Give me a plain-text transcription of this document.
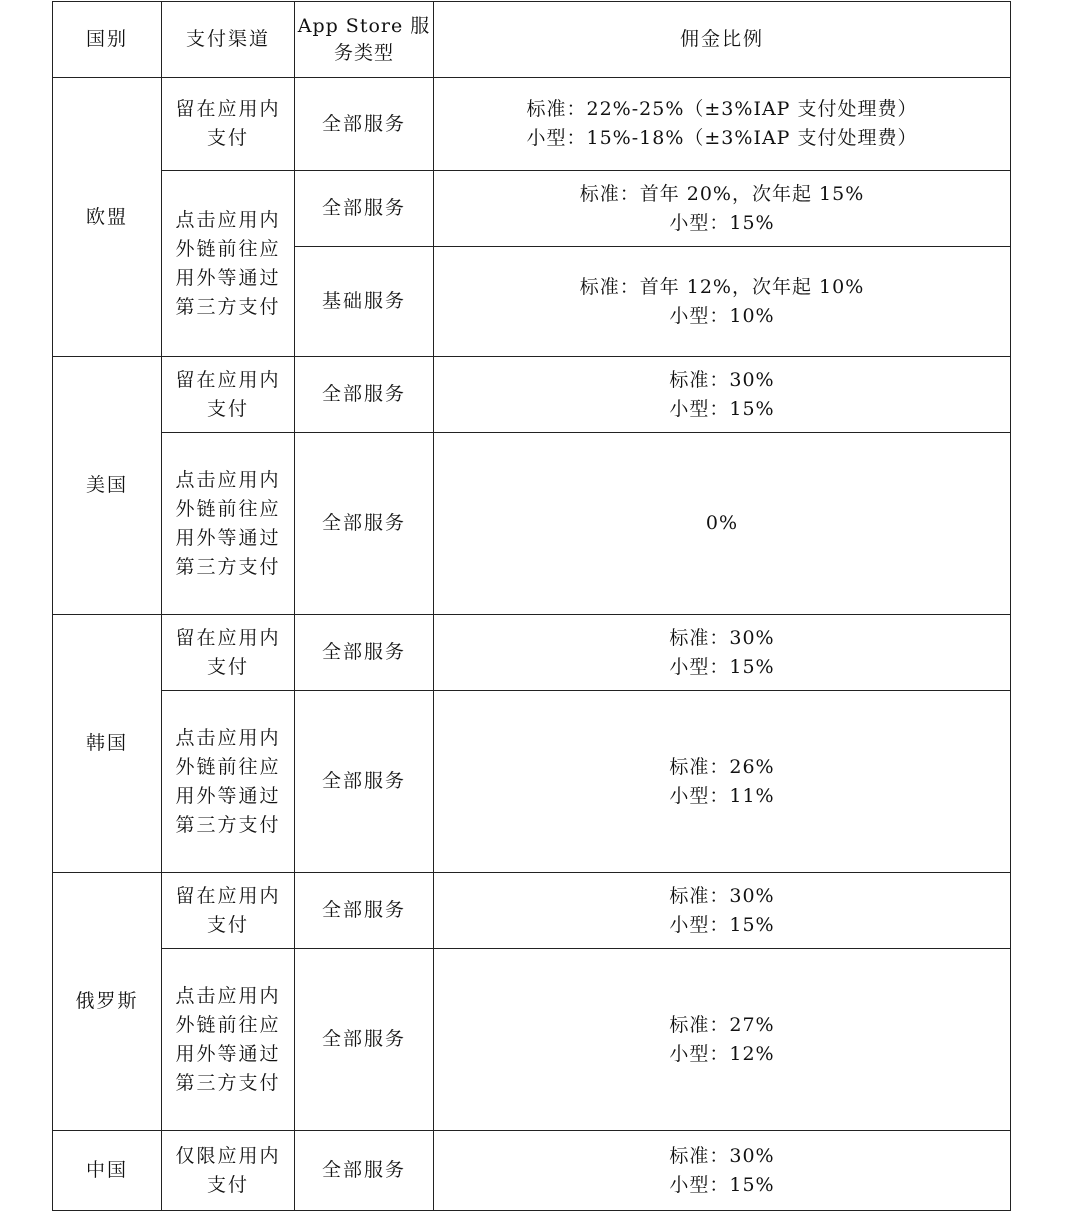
国别	支付渠道	App Store 服
务类型	佣金比例

欧盟	留在应用内
支付	全部服务	标准：22%-25%（±3%IAP 支付处理费）
小型：15%-18%（±3%IAP 支付处理费）

	点击应用内
外链前往应
用外等通过
第三方支付	全部服务	标准：首年 20%，次年起 15%
小型：15%

		基础服务	标准：首年 12%，次年起 10%
小型：10%

美国	留在应用内
支付	全部服务	标准：30%
小型：15%

	点击应用内
外链前往应
用外等通过
第三方支付	全部服务	0%

韩国	留在应用内
支付	全部服务	标准：30%
小型：15%

	点击应用内
外链前往应
用外等通过
第三方支付	全部服务	标准：26%
小型：11%

俄罗斯	留在应用内
支付	全部服务	标准：30%
小型：15%

	点击应用内
外链前往应
用外等通过
第三方支付	全部服务	标准：27%
小型：12%

中国	仅限应用内
支付	全部服务	标准：30%
小型：15%
